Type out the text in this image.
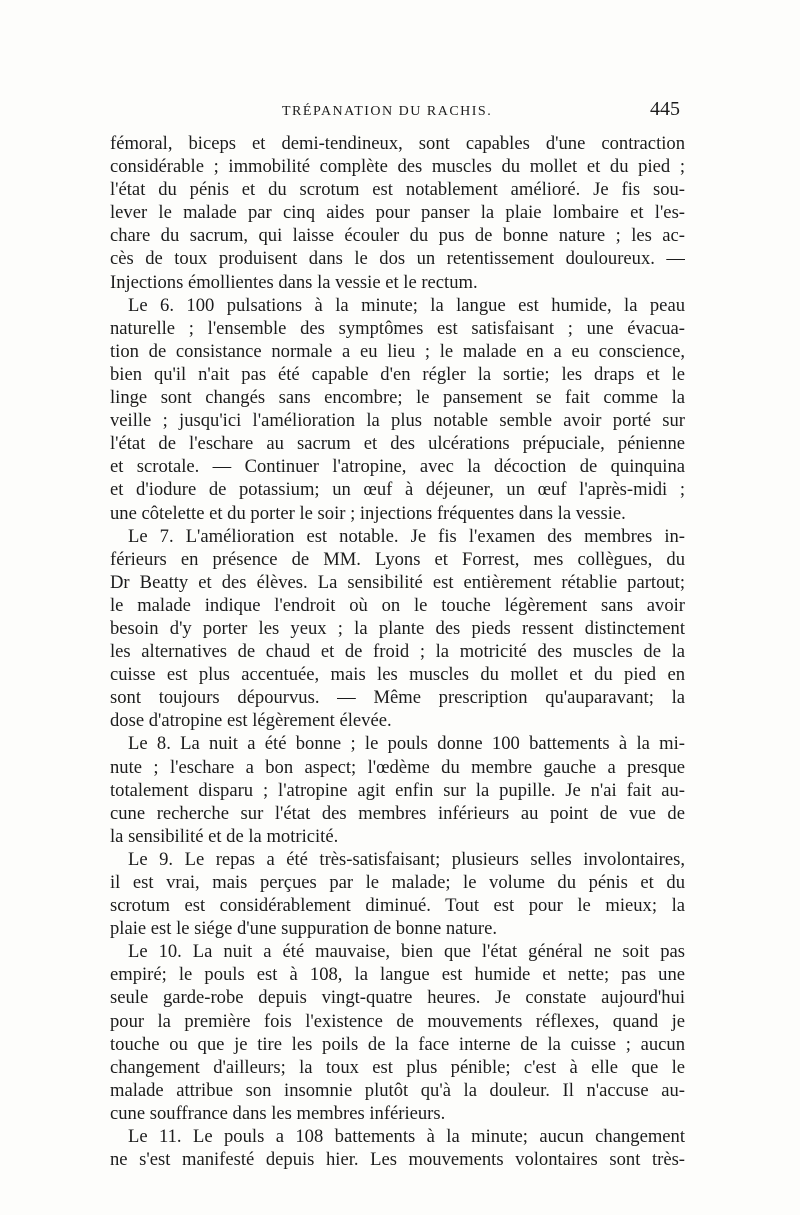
TRÉPANATION DU RACHIS.	445
fémoral, biceps et demi-tendineux, sont capables d'une contraction
considérable ; immobilité complète des muscles du mollet et du pied ;
l'état du pénis et du scrotum est notablement amélioré. Je fis sou-
lever le malade par cinq aides pour panser la plaie lombaire et l'es-
chare du sacrum, qui laisse écouler du pus de bonne nature ; les ac-
cès de toux produisent dans le dos un retentissement douloureux. —
Injections émollientes dans la vessie et le rectum.
Le 6. 100 pulsations à la minute; la langue est humide, la peau
naturelle ; l'ensemble des symptômes est satisfaisant ; une évacua-
tion de consistance normale a eu lieu ; le malade en a eu conscience,
bien qu'il n'ait pas été capable d'en régler la sortie; les draps et le
linge sont changés sans encombre; le pansement se fait comme la
veille ; jusqu'ici l'amélioration la plus notable semble avoir porté sur
l'état de l'eschare au sacrum et des ulcérations prépuciale, pénienne
et scrotale. — Continuer l'atropine, avec la décoction de quinquina
et d'iodure de potassium; un œuf à déjeuner, un œuf l'après-midi ;
une côtelette et du porter le soir ; injections fréquentes dans la vessie.
Le 7. L'amélioration est notable. Je fis l'examen des membres in-
férieurs en présence de MM. Lyons et Forrest, mes collègues, du
Dr Beatty et des élèves. La sensibilité est entièrement rétablie partout;
le malade indique l'endroit où on le touche légèrement sans avoir
besoin d'y porter les yeux ; la plante des pieds ressent distinctement
les alternatives de chaud et de froid ; la motricité des muscles de la
cuisse est plus accentuée, mais les muscles du mollet et du pied en
sont toujours dépourvus. — Même prescription qu'auparavant; la
dose d'atropine est légèrement élevée.
Le 8. La nuit a été bonne ; le pouls donne 100 battements à la mi-
nute ; l'eschare a bon aspect; l'œdème du membre gauche a presque
totalement disparu ; l'atropine agit enfin sur la pupille. Je n'ai fait au-
cune recherche sur l'état des membres inférieurs au point de vue de
la sensibilité et de la motricité.
Le 9. Le repas a été très-satisfaisant; plusieurs selles involontaires,
il est vrai, mais perçues par le malade; le volume du pénis et du
scrotum est considérablement diminué. Tout est pour le mieux; la
plaie est le siége d'une suppuration de bonne nature.
Le 10. La nuit a été mauvaise, bien que l'état général ne soit pas
empiré; le pouls est à 108, la langue est humide et nette; pas une
seule garde-robe depuis vingt-quatre heures. Je constate aujourd'hui
pour la première fois l'existence de mouvements réflexes, quand je
touche ou que je tire les poils de la face interne de la cuisse ; aucun
changement d'ailleurs; la toux est plus pénible; c'est à elle que le
malade attribue son insomnie plutôt qu'à la douleur. Il n'accuse au-
cune souffrance dans les membres inférieurs.
Le 11. Le pouls a 108 battements à la minute; aucun changement
ne s'est manifesté depuis hier. Les mouvements volontaires sont très-
